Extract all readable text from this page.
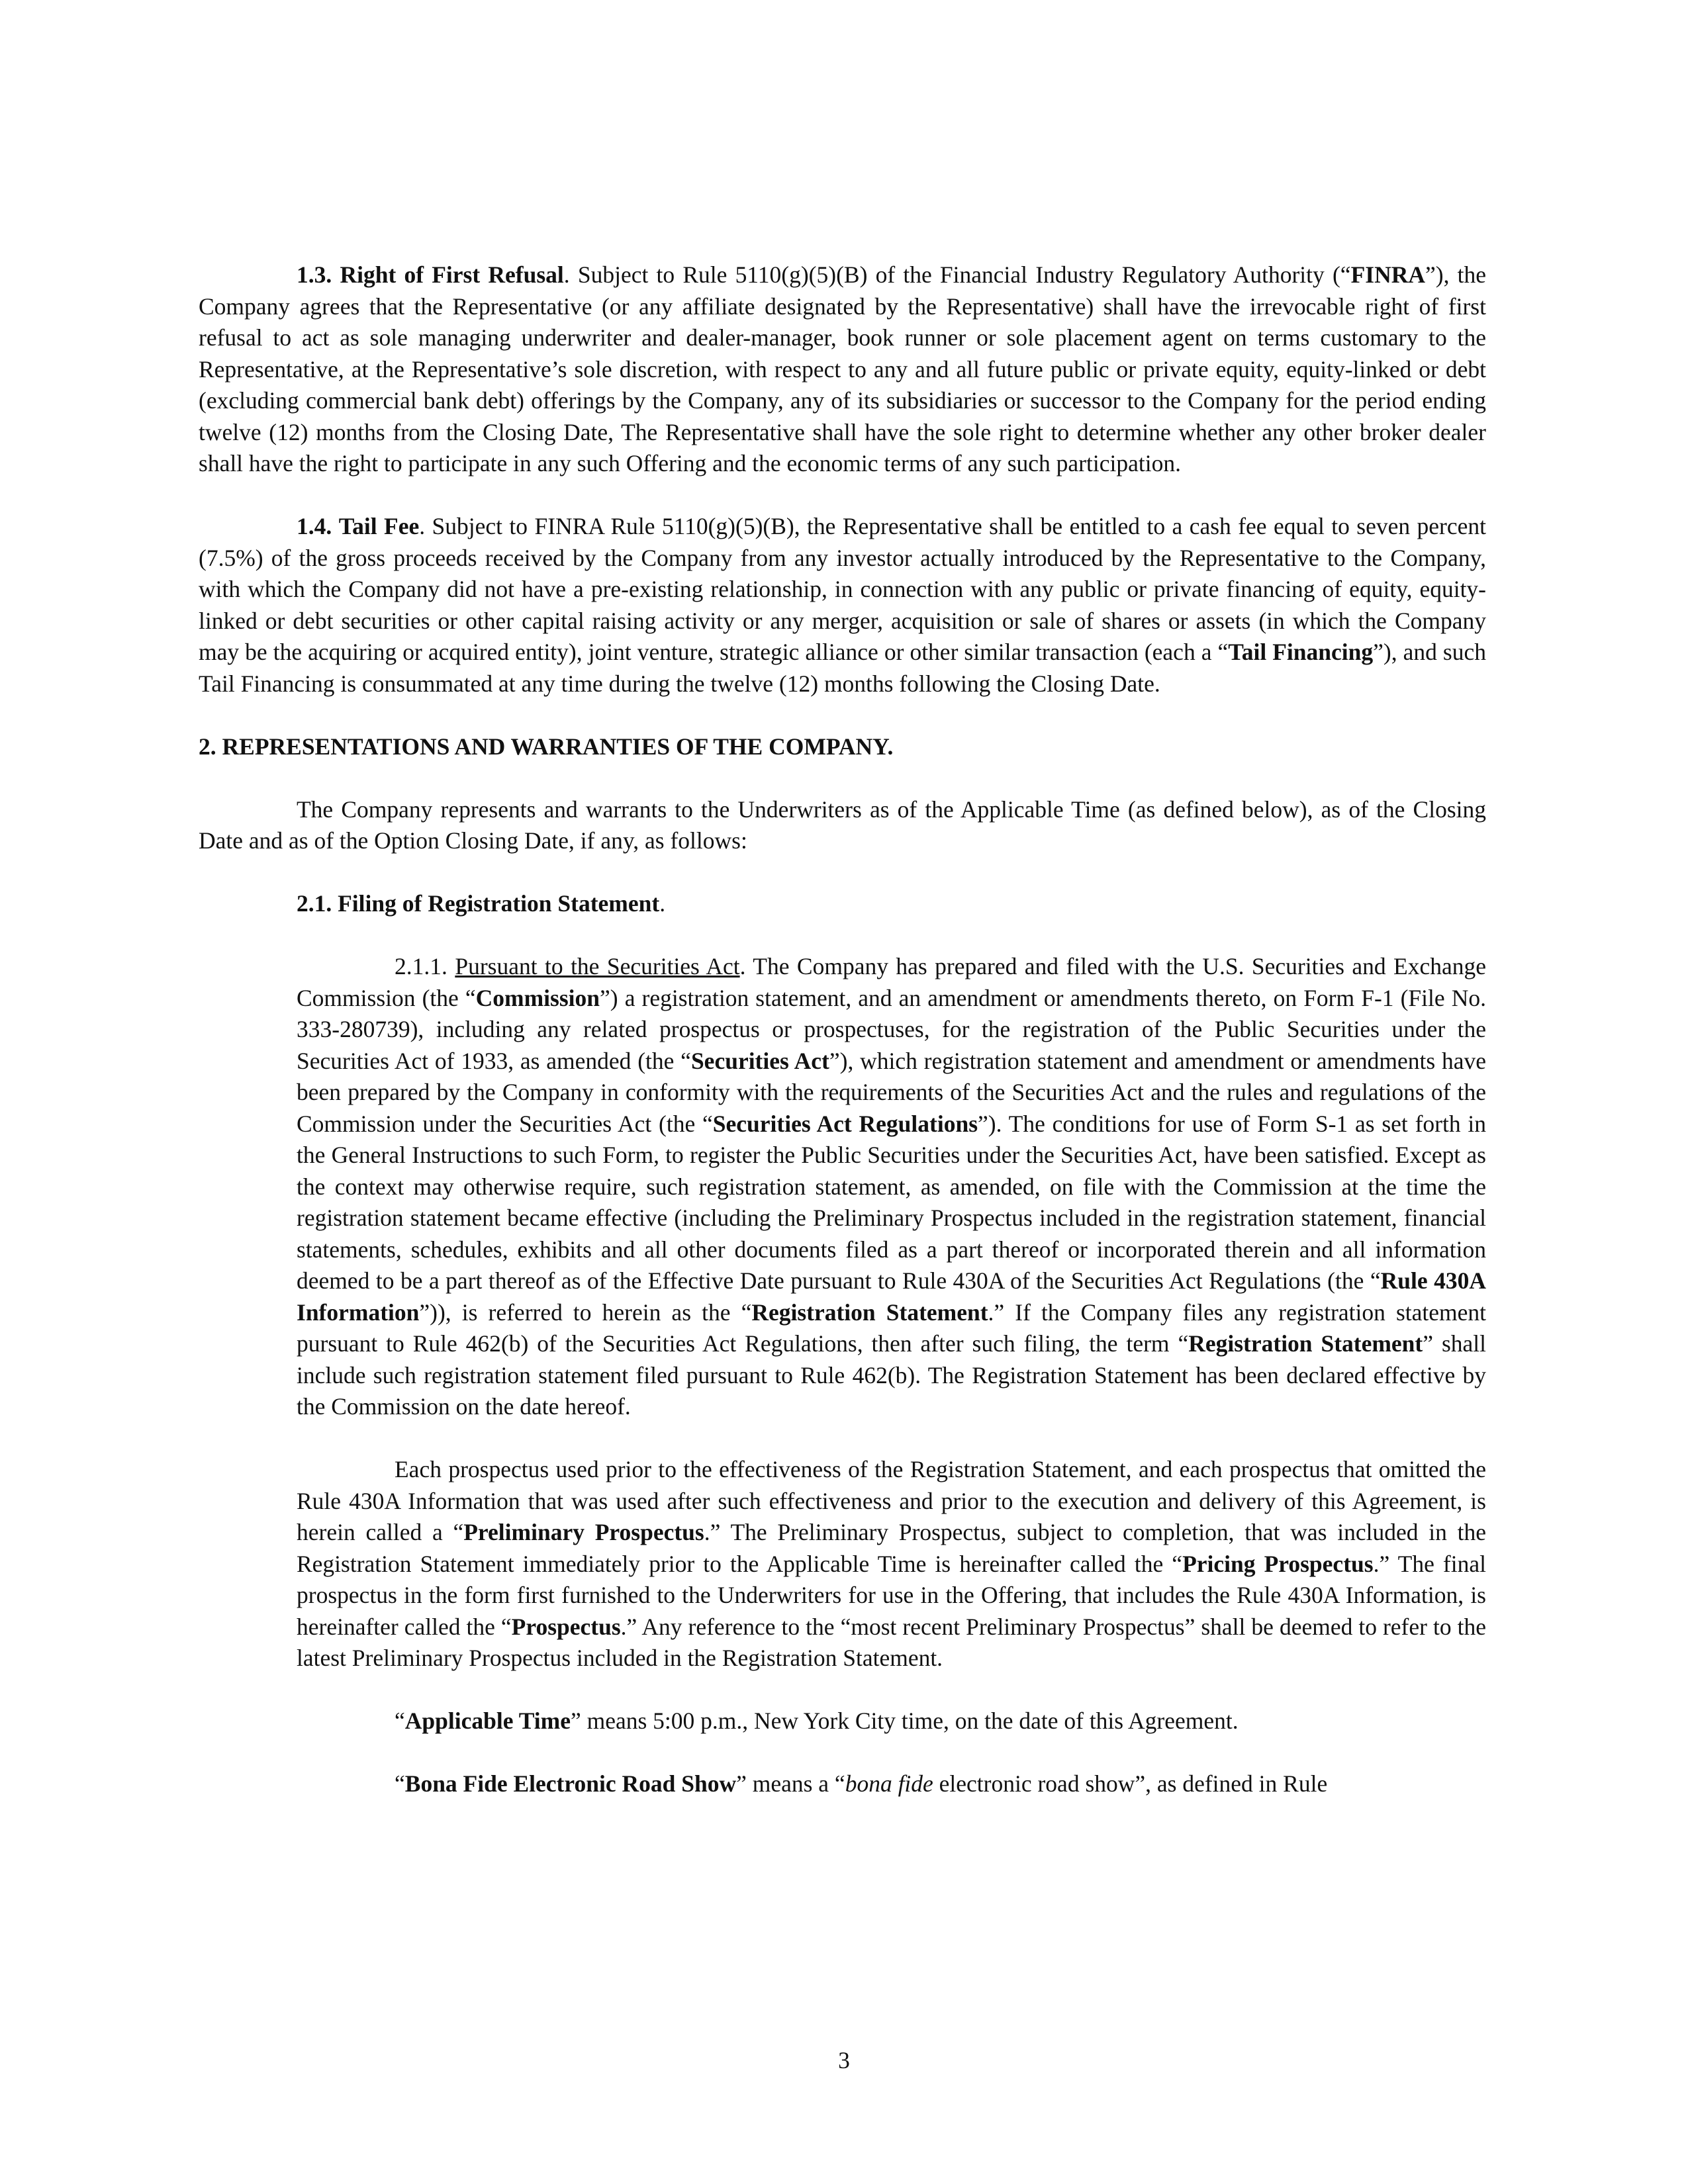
1.3. Right of First Refusal. Subject to Rule 5110(g)(5)(B) of the Financial Industry Regulatory Authority (“FINRA”), the Company agrees that the Representative (or any affiliate designated by the Representative) shall have the irrevocable right of first refusal to act as sole managing underwriter and dealer-manager, book runner or sole placement agent on terms customary to the Representative, at the Representative’s sole discretion, with respect to any and all future public or private equity, equity-linked or debt (excluding commercial bank debt) offerings by the Company, any of its subsidiaries or successor to the Company for the period ending twelve (12) months from the Closing Date, The Representative shall have the sole right to determine whether any other broker dealer shall have the right to participate in any such Offering and the economic terms of any such participation.

1.4. Tail Fee. Subject to FINRA Rule 5110(g)(5)(B), the Representative shall be entitled to a cash fee equal to seven percent (7.5%) of the gross proceeds received by the Company from any investor actually introduced by the Representative to the Company, with which the Company did not have a pre-existing relationship, in connection with any public or private financing of equity, equity-linked or debt securities or other capital raising activity or any merger, acquisition or sale of shares or assets (in which the Company may be the acquiring or acquired entity), joint venture, strategic alliance or other similar transaction (each a “Tail Financing”), and such Tail Financing is consummated at any time during the twelve (12) months following the Closing Date.

2. REPRESENTATIONS AND WARRANTIES OF THE COMPANY.

The Company represents and warrants to the Underwriters as of the Applicable Time (as defined below), as of the Closing Date and as of the Option Closing Date, if any, as follows:

2.1. Filing of Registration Statement.

2.1.1. Pursuant to the Securities Act. The Company has prepared and filed with the U.S. Securities and Exchange Commission (the “Commission”) a registration statement, and an amendment or amendments thereto, on Form F-1 (File No. 333-280739), including any related prospectus or prospectuses, for the registration of the Public Securities under the Securities Act of 1933, as amended (the “Securities Act”), which registration statement and amendment or amendments have been prepared by the Company in conformity with the requirements of the Securities Act and the rules and regulations of the Commission under the Securities Act (the “Securities Act Regulations”). The conditions for use of Form S-1 as set forth in the General Instructions to such Form, to register the Public Securities under the Securities Act, have been satisfied. Except as the context may otherwise require, such registration statement, as amended, on file with the Commission at the time the registration statement became effective (including the Preliminary Prospectus included in the registration statement, financial statements, schedules, exhibits and all other documents filed as a part thereof or incorporated therein and all information deemed to be a part thereof as of the Effective Date pursuant to Rule 430A of the Securities Act Regulations (the “Rule 430A Information”)), is referred to herein as the “Registration Statement.” If the Company files any registration statement pursuant to Rule 462(b) of the Securities Act Regulations, then after such filing, the term “Registration Statement” shall include such registration statement filed pursuant to Rule 462(b). The Registration Statement has been declared effective by the Commission on the date hereof.

Each prospectus used prior to the effectiveness of the Registration Statement, and each prospectus that omitted the Rule 430A Information that was used after such effectiveness and prior to the execution and delivery of this Agreement, is herein called a “Preliminary Prospectus.” The Preliminary Prospectus, subject to completion, that was included in the Registration Statement immediately prior to the Applicable Time is hereinafter called the “Pricing Prospectus.” The final prospectus in the form first furnished to the Underwriters for use in the Offering, that includes the Rule 430A Information, is hereinafter called the “Prospectus.” Any reference to the “most recent Preliminary Prospectus” shall be deemed to refer to the latest Preliminary Prospectus included in the Registration Statement.

“Applicable Time” means 5:00 p.m., New York City time, on the date of this Agreement.

“Bona Fide Electronic Road Show” means a “bona fide electronic road show”, as defined in Rule

3
